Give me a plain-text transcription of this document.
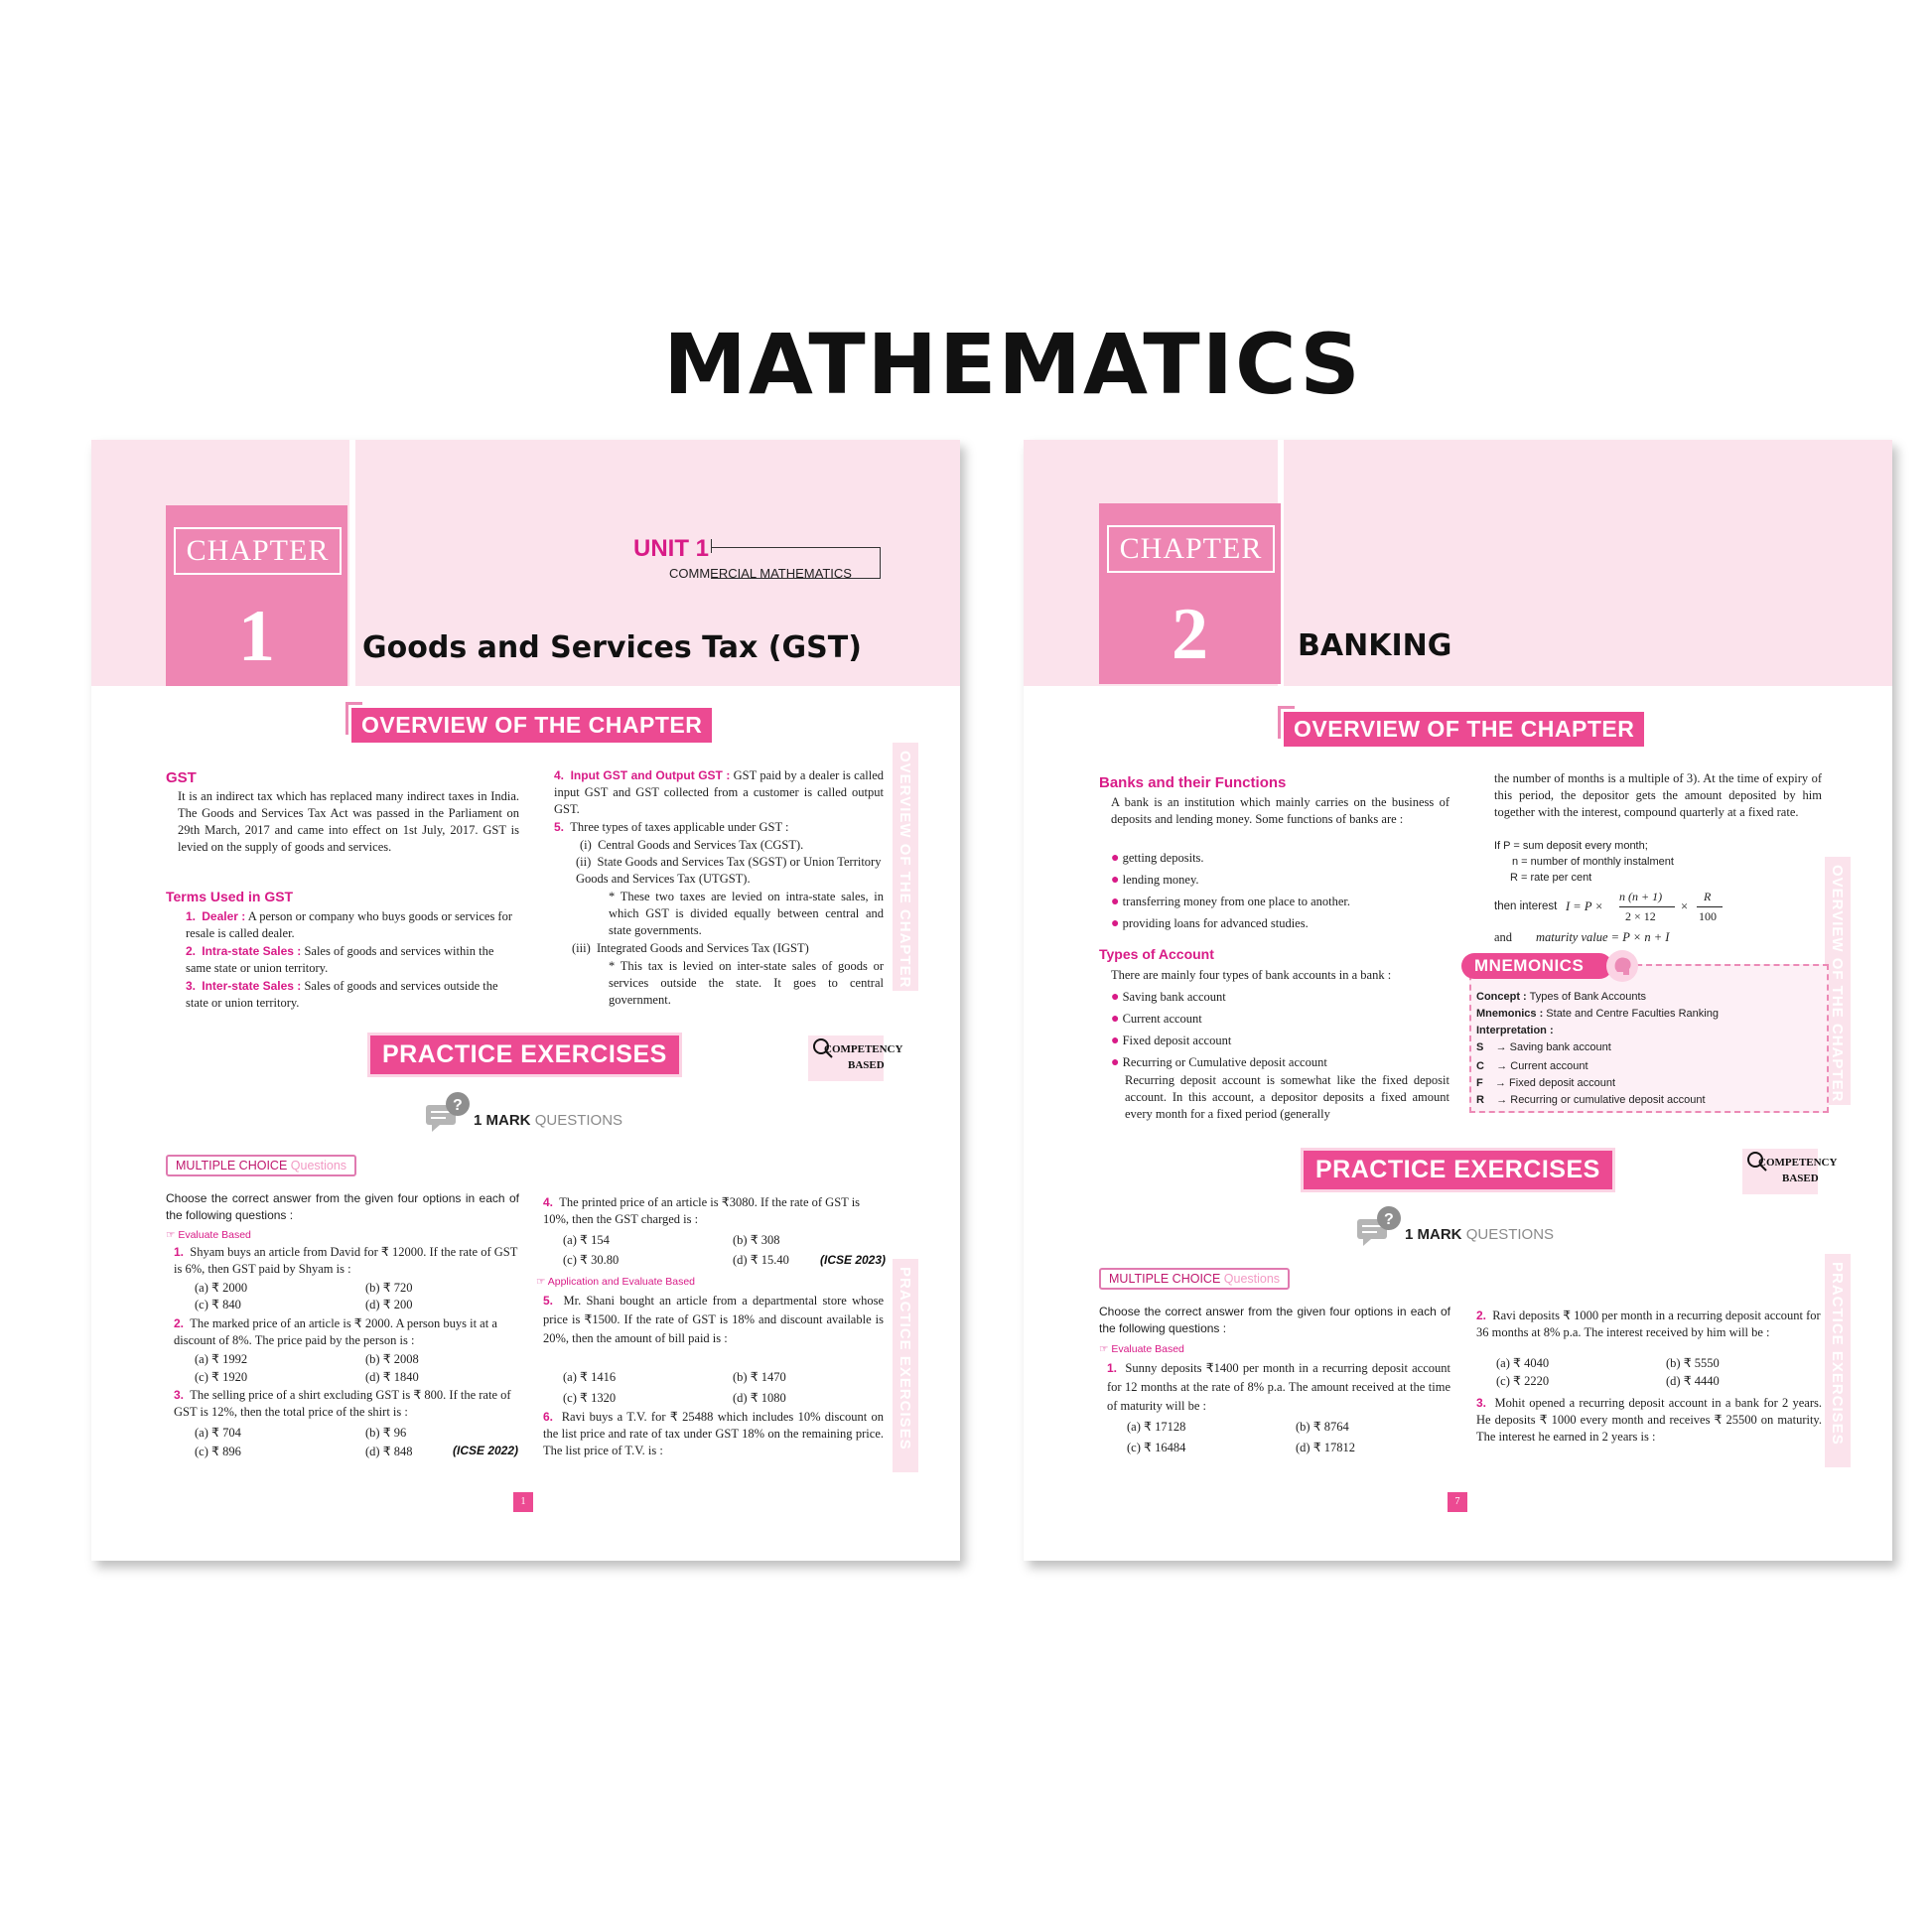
MATHEMATICS
CHAPTER
1
UNIT 1
COMMERCIAL MATHEMATICS
Goods and Services Tax (GST)
OVERVIEW OF THE CHAPTER
OVERVIEW OF THE CHAPTER
PRACTICE EXERCISES
GST
It is an indirect tax which has replaced many indirect taxes in India. The Goods and Services Tax Act was passed in the Parliament on 29th March, 2017 and came into effect on 1st July, 2017. GST is levied on the supply of goods and services.
Terms Used in GST
1. Dealer : A person or company who buys goods or services for resale is called dealer.
2. Intra-state Sales : Sales of goods and services within the same state or union territory.
3. Inter-state Sales : Sales of goods and services outside the state or union territory.
4. Input GST and Output GST : GST paid by a dealer is called input GST and GST collected from a customer is called output GST.
5. Three types of taxes applicable under GST :
(i) Central Goods and Services Tax (CGST).
(ii) State Goods and Services Tax (SGST) or Union Territory Goods and Services Tax (UTGST).
* These two taxes are levied on intra-state sales, in which GST is divided equally between central and state governments.
(iii) Integrated Goods and Services Tax (IGST)
* This tax is levied on inter-state sales of goods or services outside the state. It goes to central government.
PRACTICE EXERCISES	COMPETENCY
BASED
?
1 MARK QUESTIONS
MULTIPLE CHOICE Questions
Choose the correct answer from the given four options in each of the following questions :
☞ Evaluate Based
1. Shyam buys an article from David for ₹ 12000. If the rate of GST is 6%, then GST paid by Shyam is :
(a) ₹ 2000	(b) ₹ 720
(c) ₹ 840	(d) ₹ 200
2. The marked price of an article is ₹ 2000. A person buys it at a discount of 8%. The price paid by the person is :
(a) ₹ 1992	(b) ₹ 2008
(c) ₹ 1920	(d) ₹ 1840
3. The selling price of a shirt excluding GST is ₹ 800. If the rate of GST is 12%, then the total price of the shirt is :
(a) ₹ 704	(b) ₹ 96
(c) ₹ 896	(d) ₹ 848	(ICSE 2022)
4. The printed price of an article is ₹3080. If the rate of GST is 10%, then the GST charged is :
(a) ₹ 154	(b) ₹ 308
(c) ₹ 30.80	(d) ₹ 15.40	(ICSE 2023)
☞ Application and Evaluate Based
5. Mr. Shani bought an article from a departmental store whose price is ₹1500. If the rate of GST is 18% and discount available is 20%, then the amount of bill paid is :
(a) ₹ 1416	(b) ₹ 1470
(c) ₹ 1320	(d) ₹ 1080
6. Ravi buys a T.V. for ₹ 25488 which includes 10% discount on the list price and rate of tax under GST 18% on the remaining price. The list price of T.V. is :
1
CHAPTER
2	BANKING
OVERVIEW OF THE CHAPTER
OVERVIEW OF THE CHAPTER
PRACTICE EXERCISES
Banks and their Functions
A bank is an institution which mainly carries on the business of deposits and lending money. Some functions of banks are :
● getting deposits.
● lending money.
● transferring money from one place to another.
● providing loans for advanced studies.
Types of Account
There are mainly four types of bank accounts in a bank :
● Saving bank account
● Current account
● Fixed deposit account
● Recurring or Cumulative deposit account
Recurring deposit account is somewhat like the fixed deposit account. In this account, a depositor deposits a fixed amount every month for a fixed period (generally
the number of months is a multiple of 3). At the time of expiry of this period, the depositor gets the amount deposited by him together with the interest, compound quarterly at a fixed rate.
If P = sum deposit every month;
n = number of monthly instalment
R = rate per cent
then interest I = P ×
n (n + 1)
2 × 12
×
R
100
and maturity value = P × n + I
MNEMONICS
Concept : Types of Bank Accounts
Mnemonics : State and Centre Faculties Ranking
Interpretation :
S → Saving bank account
C → Current account
F → Fixed deposit account
R → Recurring or cumulative deposit account
PRACTICE EXERCISES	COMPETENCY
BASED
?
1 MARK QUESTIONS
MULTIPLE CHOICE Questions
Choose the correct answer from the given four options in each of the following questions :
☞ Evaluate Based
1. Sunny deposits ₹1400 per month in a recurring deposit account for 12 months at the rate of 8% p.a. The amount received at the time of maturity will be :
(a) ₹ 17128	(b) ₹ 8764
(c) ₹ 16484	(d) ₹ 17812
2. Ravi deposits ₹ 1000 per month in a recurring deposit account for 36 months at 8% p.a. The interest received by him will be :
(a) ₹ 4040	(b) ₹ 5550
(c) ₹ 2220	(d) ₹ 4440
3. Mohit opened a recurring deposit account in a bank for 2 years. He deposits ₹ 1000 every month and receives ₹ 25500 on maturity. The interest he earned in 2 years is :
7
